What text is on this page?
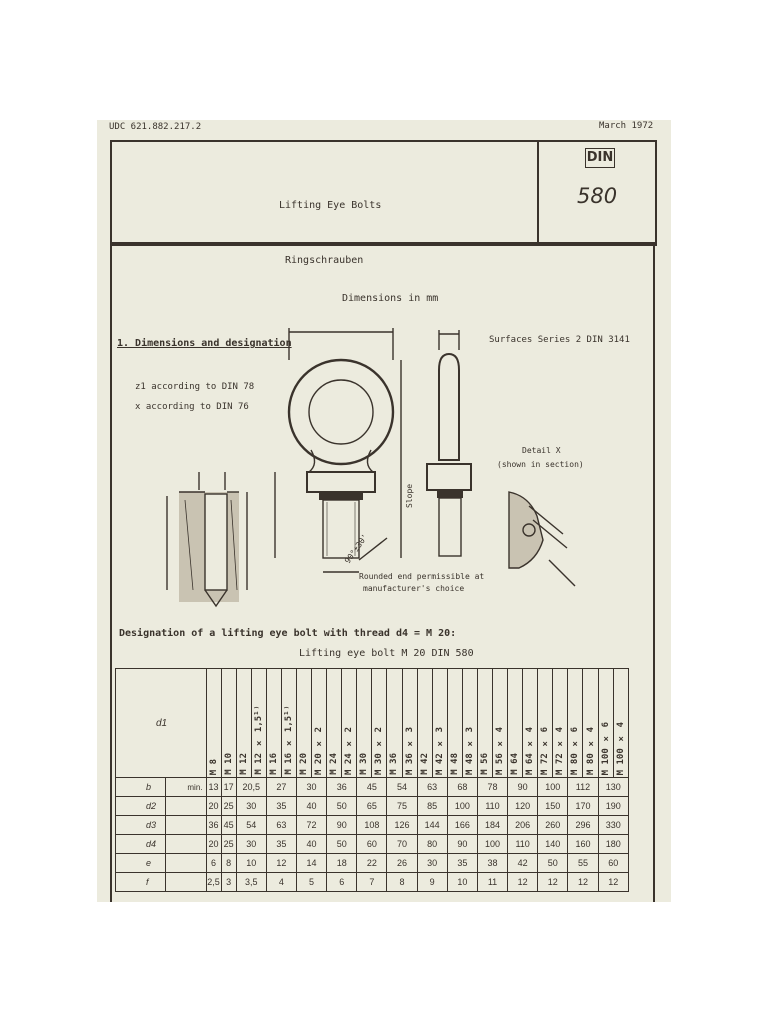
UDC 621.882.217.2	March 1972
Lifting Eye Bolts
DIN
580
Ringschrauben
Dimensions in mm
1. Dimensions and designation
z1 according to DIN 78
x according to DIN 76
Surfaces Series 2 DIN 3141
Detail X
(shown in section)
Rounded end permissible at
manufacturer's choice
Slope
90°±30'
Designation of a lifting eye bolt with thread d4 = M 20:
Lifting eye bolt M 20 DIN 580
d1		M 8	M 10	M 12	M 12 × 1,5¹⁾	M 16	M 16 × 1,5¹⁾	M 20	M 20 × 2	M 24	M 24 × 2	M 30	M 30 × 2	M 36	M 36 × 3	M 42	M 42 × 3	M 48	M 48 × 3	M 56	M 56 × 4	M 64	M 64 × 4	M 72 × 6	M 72 × 4	M 80 × 6	M 80 × 4	M 100 × 6	M 100 × 4
b	min.	13	17	20,5		27		30		36		45		54		63		68		78		90		100		112		130	
d2		20	25	30		35		40		50		65		75		85		100		110		120		150		170		190	
d3		36	45	54		63		72		90		108		126		144		166		184		206		260		296		330	
d4		20	25	30		35		40		50		60		70		80		90		100		110		140		160		180	
e		6	8	10		12		14		18		22		26		30		35		38		42		50		55		60	
f		2,5	3	3,5		4		5		6		7		8		9		10		11		12		12		12		12	
